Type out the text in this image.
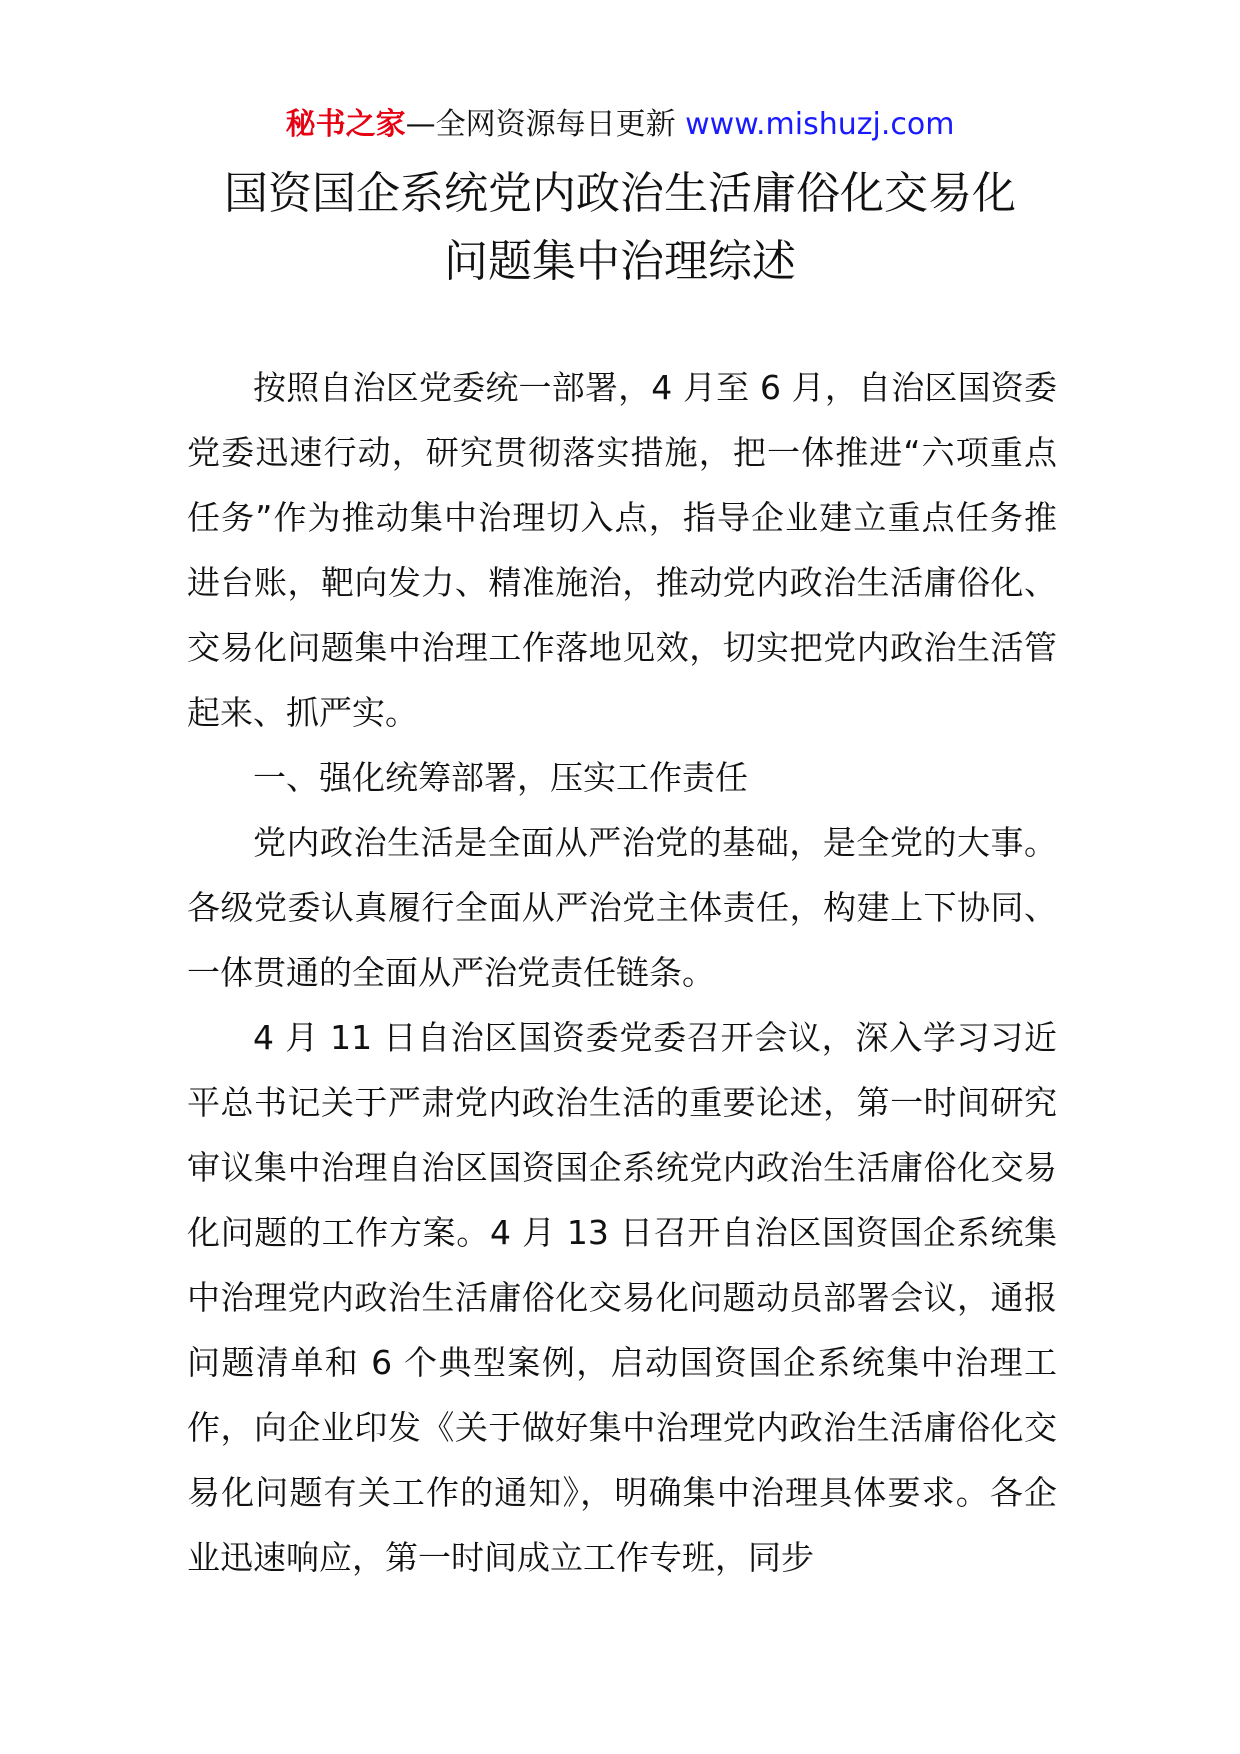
秘书之家—全网资源每日更新 www.mishuzj.com
国资国企系统党内政治生活庸俗化交易化
问题集中治理综述

按照自治区党委统一部署，4 月至 6 月，自治区国资委党委迅速行动，研究贯彻落实措施，把一体推进“六项重点任务”作为推动集中治理切入点，指导企业建立重点任务推进台账，靶向发力、精准施治，推动党内政治生活庸俗化、交易化问题集中治理工作落地见效，切实把党内政治生活管起来、抓严实。

一、强化统筹部署，压实工作责任

党内政治生活是全面从严治党的基础，是全党的大事。各级党委认真履行全面从严治党主体责任，构建上下协同、一体贯通的全面从严治党责任链条。

4 月 11 日自治区国资委党委召开会议，深入学习习近平总书记关于严肃党内政治生活的重要论述，第一时间研究审议集中治理自治区国资国企系统党内政治生活庸俗化交易化问题的工作方案。4 月 13 日召开自治区国资国企系统集中治理党内政治生活庸俗化交易化问题动员部署会议，通报问题清单和 6 个典型案例，启动国资国企系统集中治理工作，向企业印发《关于做好集中治理党内政治生活庸俗化交易化问题有关工作的通知》，明确集中治理具体要求。各企业迅速响应，第一时间成立工作专班，同步
